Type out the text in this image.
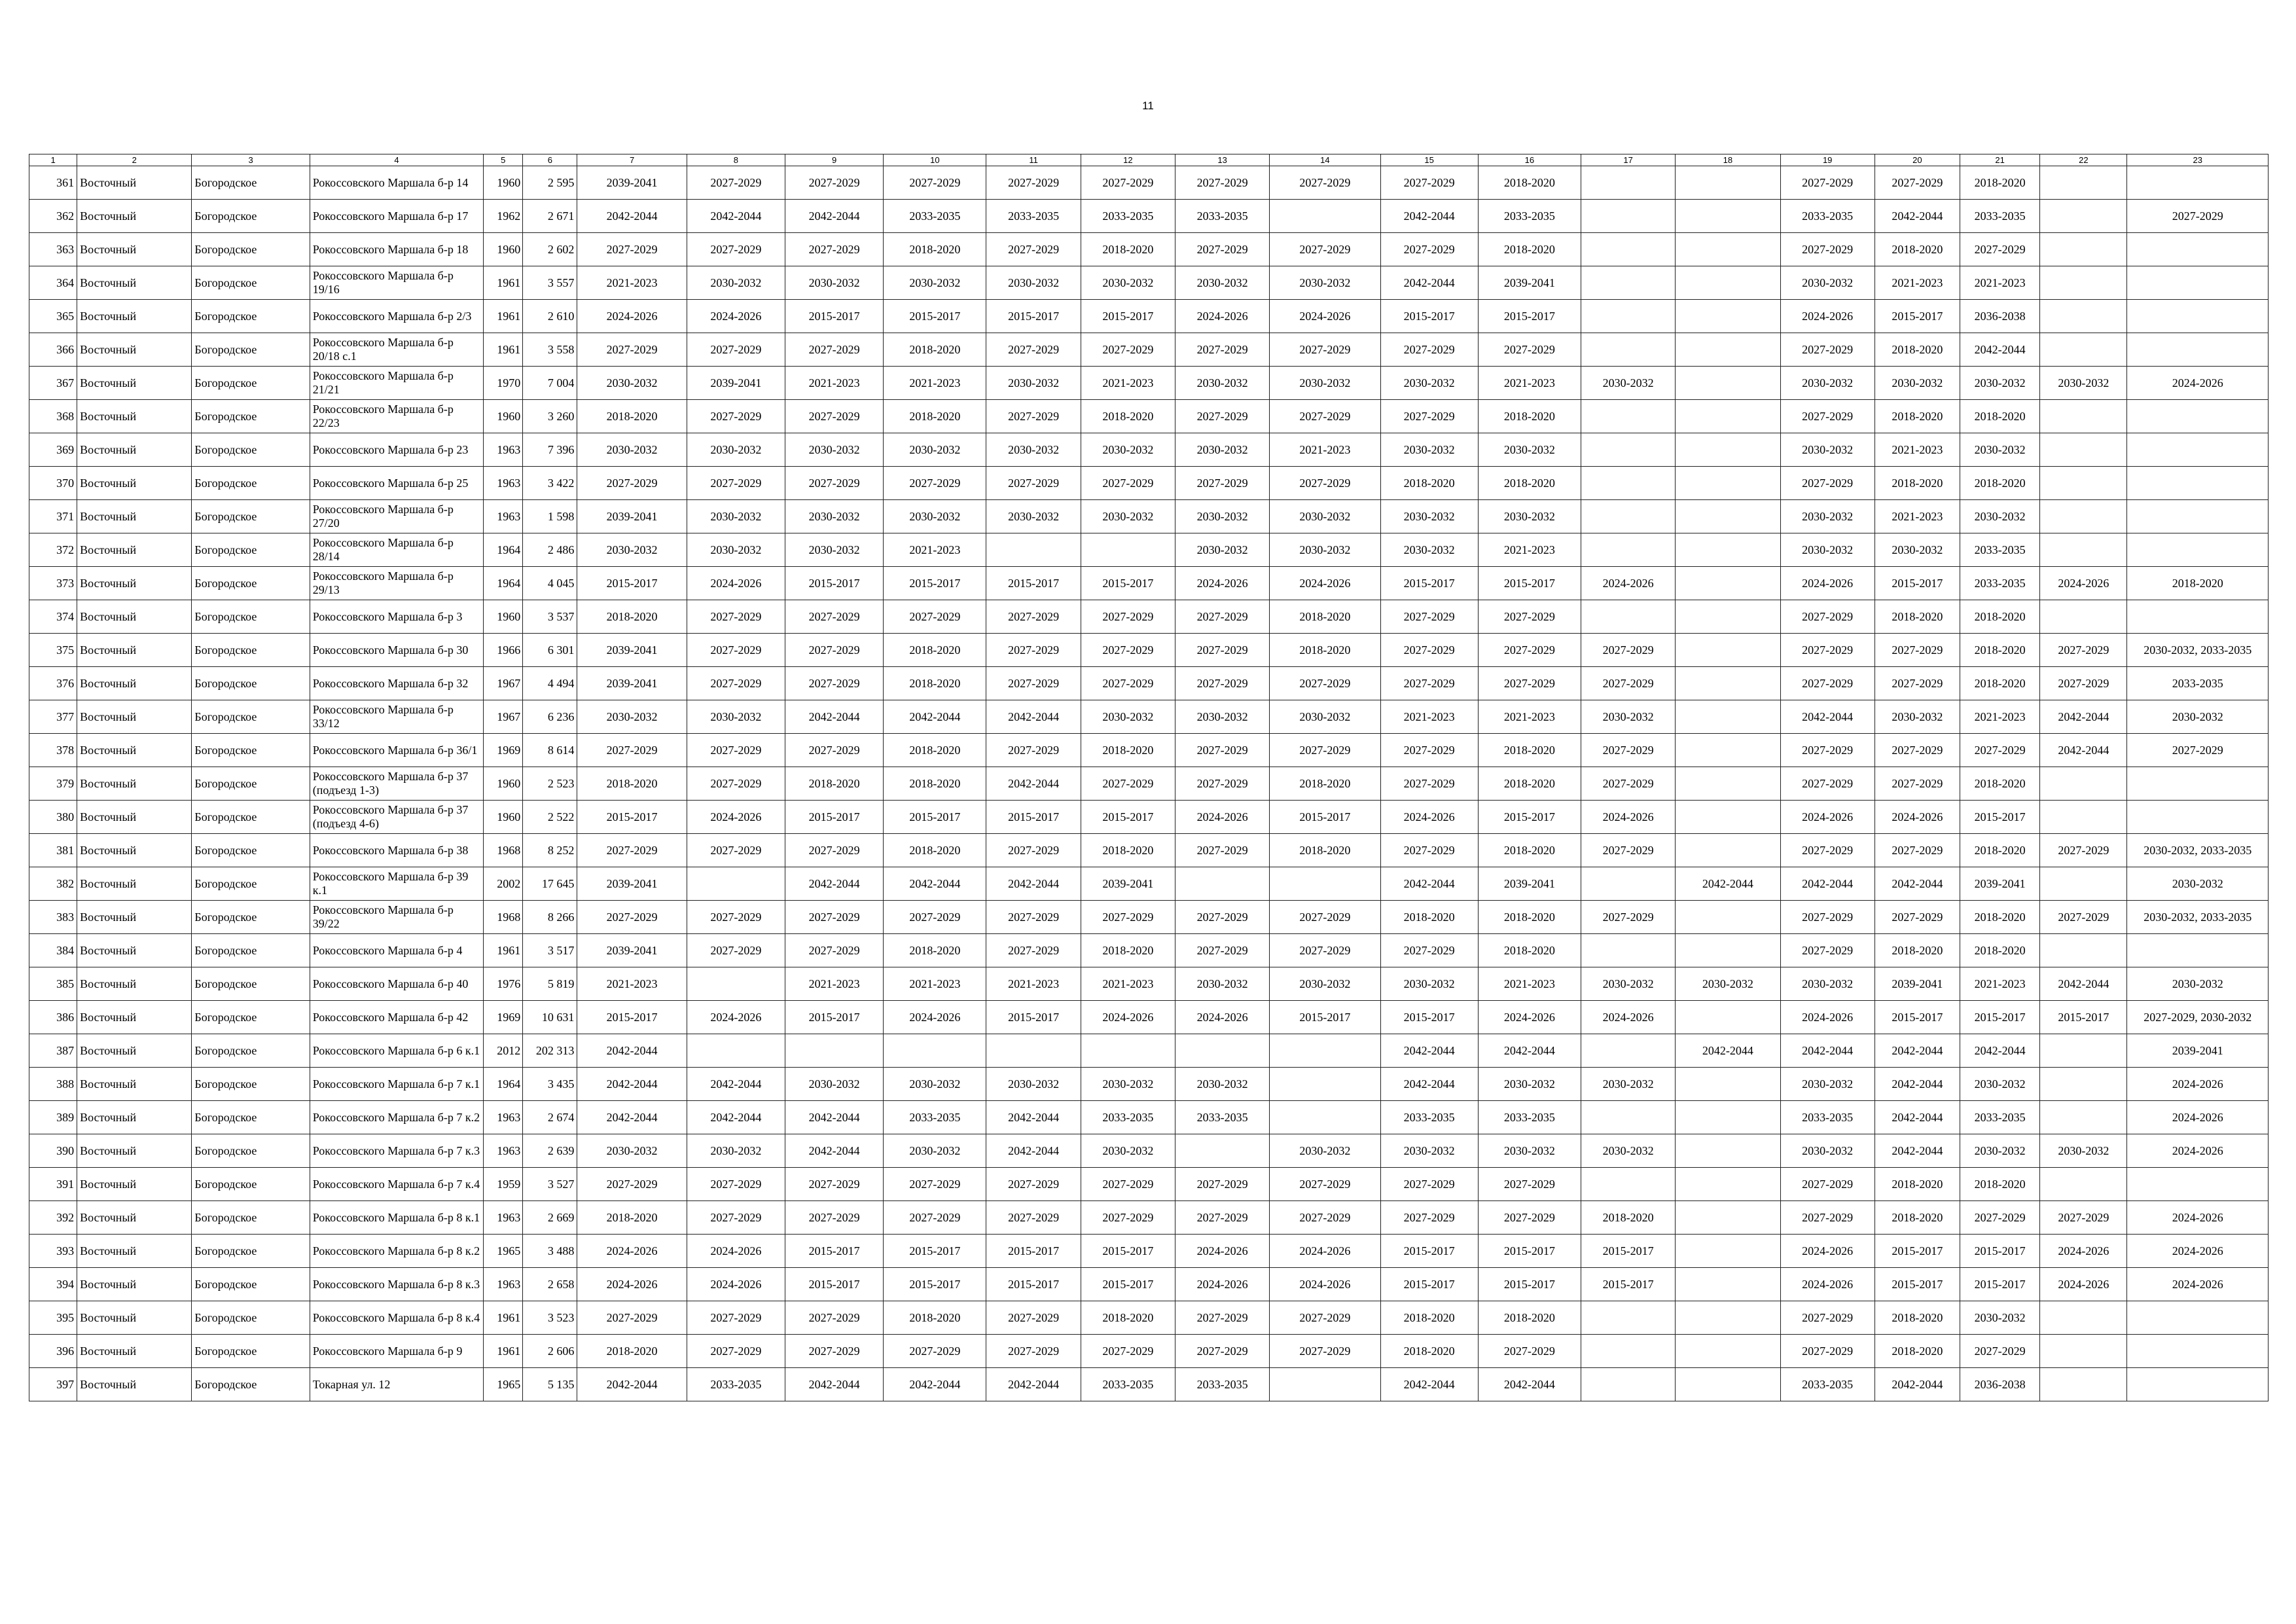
11
1	2	3	4	5	6	7	8	9	10	11	12	13	14	15	16	17	18	19	20	21	22	23
361	Восточный	Богородское	Рокоссовского Маршала б-р 14	1960	2 595	2039-2041	2027-2029	2027-2029	2027-2029	2027-2029	2027-2029	2027-2029	2027-2029	2027-2029	2018-2020			2027-2029	2027-2029	2018-2020		
362	Восточный	Богородское	Рокоссовского Маршала б-р 17	1962	2 671	2042-2044	2042-2044	2042-2044	2033-2035	2033-2035	2033-2035	2033-2035		2042-2044	2033-2035			2033-2035	2042-2044	2033-2035		2027-2029
363	Восточный	Богородское	Рокоссовского Маршала б-р 18	1960	2 602	2027-2029	2027-2029	2027-2029	2018-2020	2027-2029	2018-2020	2027-2029	2027-2029	2027-2029	2018-2020			2027-2029	2018-2020	2027-2029		
364	Восточный	Богородское	Рокоссовского Маршала б-р 19/16	1961	3 557	2021-2023	2030-2032	2030-2032	2030-2032	2030-2032	2030-2032	2030-2032	2030-2032	2042-2044	2039-2041			2030-2032	2021-2023	2021-2023		
365	Восточный	Богородское	Рокоссовского Маршала б-р 2/3	1961	2 610	2024-2026	2024-2026	2015-2017	2015-2017	2015-2017	2015-2017	2024-2026	2024-2026	2015-2017	2015-2017			2024-2026	2015-2017	2036-2038		
366	Восточный	Богородское	Рокоссовского Маршала б-р 20/18 с.1	1961	3 558	2027-2029	2027-2029	2027-2029	2018-2020	2027-2029	2027-2029	2027-2029	2027-2029	2027-2029	2027-2029			2027-2029	2018-2020	2042-2044		
367	Восточный	Богородское	Рокоссовского Маршала б-р 21/21	1970	7 004	2030-2032	2039-2041	2021-2023	2021-2023	2030-2032	2021-2023	2030-2032	2030-2032	2030-2032	2021-2023	2030-2032		2030-2032	2030-2032	2030-2032	2030-2032	2024-2026
368	Восточный	Богородское	Рокоссовского Маршала б-р 22/23	1960	3 260	2018-2020	2027-2029	2027-2029	2018-2020	2027-2029	2018-2020	2027-2029	2027-2029	2027-2029	2018-2020			2027-2029	2018-2020	2018-2020		
369	Восточный	Богородское	Рокоссовского Маршала б-р 23	1963	7 396	2030-2032	2030-2032	2030-2032	2030-2032	2030-2032	2030-2032	2030-2032	2021-2023	2030-2032	2030-2032			2030-2032	2021-2023	2030-2032		
370	Восточный	Богородское	Рокоссовского Маршала б-р 25	1963	3 422	2027-2029	2027-2029	2027-2029	2027-2029	2027-2029	2027-2029	2027-2029	2027-2029	2018-2020	2018-2020			2027-2029	2018-2020	2018-2020		
371	Восточный	Богородское	Рокоссовского Маршала б-р 27/20	1963	1 598	2039-2041	2030-2032	2030-2032	2030-2032	2030-2032	2030-2032	2030-2032	2030-2032	2030-2032	2030-2032			2030-2032	2021-2023	2030-2032		
372	Восточный	Богородское	Рокоссовского Маршала б-р 28/14	1964	2 486	2030-2032	2030-2032	2030-2032	2021-2023			2030-2032	2030-2032	2030-2032	2021-2023			2030-2032	2030-2032	2033-2035		
373	Восточный	Богородское	Рокоссовского Маршала б-р 29/13	1964	4 045	2015-2017	2024-2026	2015-2017	2015-2017	2015-2017	2015-2017	2024-2026	2024-2026	2015-2017	2015-2017	2024-2026		2024-2026	2015-2017	2033-2035	2024-2026	2018-2020
374	Восточный	Богородское	Рокоссовского Маршала б-р 3	1960	3 537	2018-2020	2027-2029	2027-2029	2027-2029	2027-2029	2027-2029	2027-2029	2018-2020	2027-2029	2027-2029			2027-2029	2018-2020	2018-2020		
375	Восточный	Богородское	Рокоссовского Маршала б-р 30	1966	6 301	2039-2041	2027-2029	2027-2029	2018-2020	2027-2029	2027-2029	2027-2029	2018-2020	2027-2029	2027-2029	2027-2029		2027-2029	2027-2029	2018-2020	2027-2029	2030-2032, 2033-2035
376	Восточный	Богородское	Рокоссовского Маршала б-р 32	1967	4 494	2039-2041	2027-2029	2027-2029	2018-2020	2027-2029	2027-2029	2027-2029	2027-2029	2027-2029	2027-2029	2027-2029		2027-2029	2027-2029	2018-2020	2027-2029	2033-2035
377	Восточный	Богородское	Рокоссовского Маршала б-р 33/12	1967	6 236	2030-2032	2030-2032	2042-2044	2042-2044	2042-2044	2030-2032	2030-2032	2030-2032	2021-2023	2021-2023	2030-2032		2042-2044	2030-2032	2021-2023	2042-2044	2030-2032
378	Восточный	Богородское	Рокоссовского Маршала б-р 36/1	1969	8 614	2027-2029	2027-2029	2027-2029	2018-2020	2027-2029	2018-2020	2027-2029	2027-2029	2027-2029	2018-2020	2027-2029		2027-2029	2027-2029	2027-2029	2042-2044	2027-2029
379	Восточный	Богородское	Рокоссовского Маршала б-р 37 (подъезд 1-3)	1960	2 523	2018-2020	2027-2029	2018-2020	2018-2020	2042-2044	2027-2029	2027-2029	2018-2020	2027-2029	2018-2020	2027-2029		2027-2029	2027-2029	2018-2020		
380	Восточный	Богородское	Рокоссовского Маршала б-р 37 (подъезд 4-6)	1960	2 522	2015-2017	2024-2026	2015-2017	2015-2017	2015-2017	2015-2017	2024-2026	2015-2017	2024-2026	2015-2017	2024-2026		2024-2026	2024-2026	2015-2017		
381	Восточный	Богородское	Рокоссовского Маршала б-р 38	1968	8 252	2027-2029	2027-2029	2027-2029	2018-2020	2027-2029	2018-2020	2027-2029	2018-2020	2027-2029	2018-2020	2027-2029		2027-2029	2027-2029	2018-2020	2027-2029	2030-2032, 2033-2035
382	Восточный	Богородское	Рокоссовского Маршала б-р 39 к.1	2002	17 645	2039-2041		2042-2044	2042-2044	2042-2044	2039-2041			2042-2044	2039-2041		2042-2044	2042-2044	2042-2044	2039-2041		2030-2032
383	Восточный	Богородское	Рокоссовского Маршала б-р 39/22	1968	8 266	2027-2029	2027-2029	2027-2029	2027-2029	2027-2029	2027-2029	2027-2029	2027-2029	2018-2020	2018-2020	2027-2029		2027-2029	2027-2029	2018-2020	2027-2029	2030-2032, 2033-2035
384	Восточный	Богородское	Рокоссовского Маршала б-р 4	1961	3 517	2039-2041	2027-2029	2027-2029	2018-2020	2027-2029	2018-2020	2027-2029	2027-2029	2027-2029	2018-2020			2027-2029	2018-2020	2018-2020		
385	Восточный	Богородское	Рокоссовского Маршала б-р 40	1976	5 819	2021-2023		2021-2023	2021-2023	2021-2023	2021-2023	2030-2032	2030-2032	2030-2032	2021-2023	2030-2032	2030-2032	2030-2032	2039-2041	2021-2023	2042-2044	2030-2032
386	Восточный	Богородское	Рокоссовского Маршала б-р 42	1969	10 631	2015-2017	2024-2026	2015-2017	2024-2026	2015-2017	2024-2026	2024-2026	2015-2017	2015-2017	2024-2026	2024-2026		2024-2026	2015-2017	2015-2017	2015-2017	2027-2029, 2030-2032
387	Восточный	Богородское	Рокоссовского Маршала б-р 6 к.1	2012	202 313	2042-2044								2042-2044	2042-2044		2042-2044	2042-2044	2042-2044	2042-2044		2039-2041
388	Восточный	Богородское	Рокоссовского Маршала б-р 7 к.1	1964	3 435	2042-2044	2042-2044	2030-2032	2030-2032	2030-2032	2030-2032	2030-2032		2042-2044	2030-2032	2030-2032		2030-2032	2042-2044	2030-2032		2024-2026
389	Восточный	Богородское	Рокоссовского Маршала б-р 7 к.2	1963	2 674	2042-2044	2042-2044	2042-2044	2033-2035	2042-2044	2033-2035	2033-2035		2033-2035	2033-2035			2033-2035	2042-2044	2033-2035		2024-2026
390	Восточный	Богородское	Рокоссовского Маршала б-р 7 к.3	1963	2 639	2030-2032	2030-2032	2042-2044	2030-2032	2042-2044	2030-2032		2030-2032	2030-2032	2030-2032	2030-2032		2030-2032	2042-2044	2030-2032	2030-2032	2024-2026
391	Восточный	Богородское	Рокоссовского Маршала б-р 7 к.4	1959	3 527	2027-2029	2027-2029	2027-2029	2027-2029	2027-2029	2027-2029	2027-2029	2027-2029	2027-2029	2027-2029			2027-2029	2018-2020	2018-2020		
392	Восточный	Богородское	Рокоссовского Маршала б-р 8 к.1	1963	2 669	2018-2020	2027-2029	2027-2029	2027-2029	2027-2029	2027-2029	2027-2029	2027-2029	2027-2029	2027-2029	2018-2020		2027-2029	2018-2020	2027-2029	2027-2029	2024-2026
393	Восточный	Богородское	Рокоссовского Маршала б-р 8 к.2	1965	3 488	2024-2026	2024-2026	2015-2017	2015-2017	2015-2017	2015-2017	2024-2026	2024-2026	2015-2017	2015-2017	2015-2017		2024-2026	2015-2017	2015-2017	2024-2026	2024-2026
394	Восточный	Богородское	Рокоссовского Маршала б-р 8 к.3	1963	2 658	2024-2026	2024-2026	2015-2017	2015-2017	2015-2017	2015-2017	2024-2026	2024-2026	2015-2017	2015-2017	2015-2017		2024-2026	2015-2017	2015-2017	2024-2026	2024-2026
395	Восточный	Богородское	Рокоссовского Маршала б-р 8 к.4	1961	3 523	2027-2029	2027-2029	2027-2029	2018-2020	2027-2029	2018-2020	2027-2029	2027-2029	2018-2020	2018-2020			2027-2029	2018-2020	2030-2032		
396	Восточный	Богородское	Рокоссовского Маршала б-р 9	1961	2 606	2018-2020	2027-2029	2027-2029	2027-2029	2027-2029	2027-2029	2027-2029	2027-2029	2018-2020	2027-2029			2027-2029	2018-2020	2027-2029		
397	Восточный	Богородское	Токарная ул. 12	1965	5 135	2042-2044	2033-2035	2042-2044	2042-2044	2042-2044	2033-2035	2033-2035		2042-2044	2042-2044			2033-2035	2042-2044	2036-2038		
